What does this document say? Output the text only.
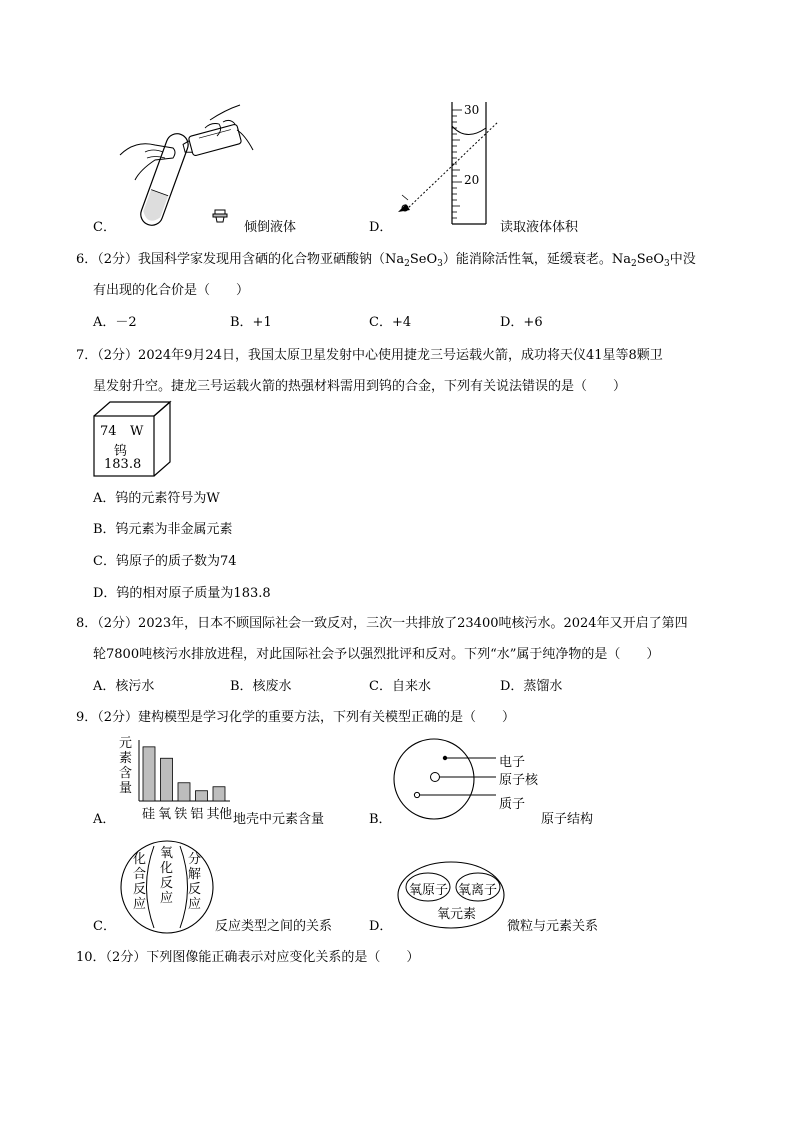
C．	倾倒液体	D．
30
20
读取液体体积
6．（2分）我国科学家发现用含硒的化合物亚硒酸钠$(Na_2SeO_3)$能消除活性氧，延缓衰老。$Na_2SeO_3$中没
有出现的化合价是（　　）
A．－2	B．+1	C．+4	D．+6
7．（2分）2024年9月24日，我国太原卫星发射中心使用捷龙三号运载火箭，成功将天仪41星等8颗卫
星发射升空。捷龙三号运载火箭的热强材料需用到钨的合金，下列有关说法错误的是（　　）
74 W
钨
183.8
A．钨的元素符号为W
B．钨元素为非金属元素
C．钨原子的质子数为74
D．钨的相对原子质量为183.8
8．（2分）2023年，日本不顾国际社会一致反对，三次一共排放了23400吨核污水。2024年又开启了第四
轮7800吨核污水排放进程，对此国际社会予以强烈批评和反对。下列“水”属于纯净物的是（　　）
A．核污水	B．核废水	C．自来水	D．蒸馏水
9．（2分）建构模型是学习化学的重要方法，下列有关模型正确的是（　　）
A．
元
素
含
量
硅 氧 铁 铝 其他 地壳中元素含量	B．
电子
原子核
质子
原子结构
C．
化合反应
氧化反应
分解反应
反应类型之间的关系	D．
氧原子 氧离子
氧元素
微粒与元素关系
10．（2分）下列图像能正确表示对应变化关系的是（　　）
